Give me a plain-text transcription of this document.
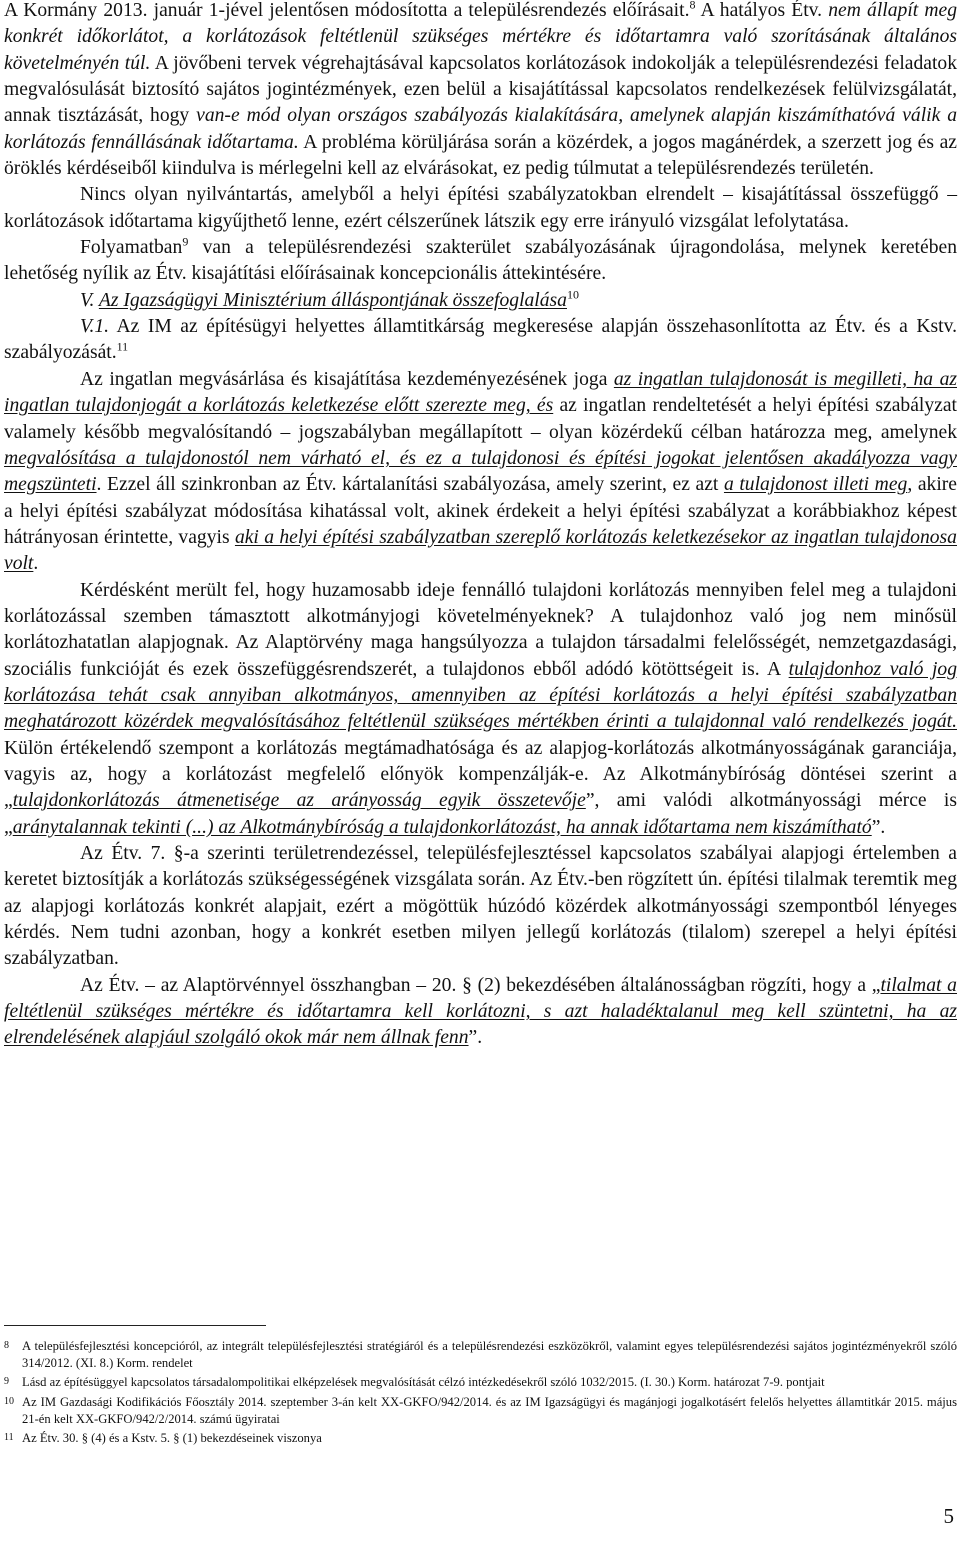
A Kormány 2013. január 1-jével jelentősen módosította a településrendezés előírásait.$^8$ A hatályos Étv. nem állapít meg konkrét időkorlátot, a korlátozások feltétlenül szükséges mértékre és időtartamra való szorításának általános követelményén túl. A jövőbeni tervek végrehajtásával kapcsolatos korlátozások indokolják a településrendezési feladatok megvalósulását biztosító sajátos jogintézmények, ezen belül a kisajátítással kapcsolatos rendelkezések felülvizsgálatát, annak tisztázását, hogy van-e mód olyan országos szabályozás kialakítására, amelynek alapján kiszámíthatóvá válik a korlátozás fennállásának időtartama. A probléma körüljárása során a közérdek, a jogos magánérdek, a szerzett jog és az öröklés kérdéseiből kiindulva is mérlegelni kell az elvárásokat, ez pedig túlmutat a településrendezés területén.

Nincs olyan nyilvántartás, amelyből a helyi építési szabályzatokban elrendelt – kisajátítással összefüggő – korlátozások időtartama kigyűjthető lenne, ezért célszerűnek látszik egy erre irányuló vizsgálat lefolytatása.

Folyamatban$^9$ van a településrendezési szakterület szabályozásának újragondolása, melynek keretében lehetőség nyílik az Étv. kisajátítási előírásainak koncepcionális áttekintésére.

V. Az Igazságügyi Minisztérium álláspontjának összefoglalása$^{10}$

V.1. Az IM az építésügyi helyettes államtitkárság megkeresése alapján összehasonlította az Étv. és a Kstv. szabályozását.$^{11}$

Az ingatlan megvásárlása és kisajátítása kezdeményezésének joga az ingatlan tulajdonosát is megilleti, ha az ingatlan tulajdonjogát a korlátozás keletkezése előtt szerezte meg, és az ingatlan rendeltetését a helyi építési szabályzat valamely később megvalósítandó – jogszabályban megállapított – olyan közérdekű célban határozza meg, amelynek megvalósítása a tulajdonostól nem várható el, és ez a tulajdonosi és építési jogokat jelentősen akadályozza vagy megszünteti. Ezzel áll szinkronban az Étv. kártalanítási szabályozása, amely szerint, ez azt a tulajdonost illeti meg, akire a helyi építési szabályzat módosítása kihatással volt, akinek érdekeit a helyi építési szabályzat a korábbiakhoz képest hátrányosan érintette, vagyis aki a helyi építési szabályzatban szereplő korlátozás keletkezésekor az ingatlan tulajdonosa volt.

Kérdésként merült fel, hogy huzamosabb ideje fennálló tulajdoni korlátozás mennyiben felel meg a tulajdoni korlátozással szemben támasztott alkotmányjogi követelményeknek? A tulajdonhoz való jog nem minősül korlátozhatatlan alapjognak. Az Alaptörvény maga hangsúlyozza a tulajdon társadalmi felelősségét, nemzetgazdasági, szociális funkcióját és ezek összefüggésrendszerét, a tulajdonos ebből adódó kötöttségeit is. A tulajdonhoz való jog korlátozása tehát csak annyiban alkotmányos, amennyiben az építési korlátozás a helyi építési szabályzatban meghatározott közérdek megvalósításához feltétlenül szükséges mértékben érinti a tulajdonnal való rendelkezés jogát. Külön értékelendő szempont a korlátozás megtámadhatósága és az alapjog-korlátozás alkotmányosságának garanciája, vagyis az, hogy a korlátozást megfelelő előnyök kompenzálják-e. Az Alkotmánybíróság döntései szerint a „tulajdonkorlátozás átmenetisége az arányosság egyik összetevője”, ami valódi alkotmányossági mérce is „aránytalannak tekinti (...) az Alkotmánybíróság a tulajdonkorlátozást, ha annak időtartama nem kiszámítható”.

Az Étv. 7. §-a szerinti területrendezéssel, településfejlesztéssel kapcsolatos szabályai alapjogi értelemben a keretet biztosítják a korlátozás szükségességének vizsgálata során. Az Étv.-ben rögzített ún. építési tilalmak teremtik meg az alapjogi korlátozás konkrét alapjait, ezért a mögöttük húzódó közérdek alkotmányossági szempontból lényeges kérdés. Nem tudni azonban, hogy a konkrét esetben milyen jellegű korlátozás (tilalom) szerepel a helyi építési szabályzatban.

Az Étv. – az Alaptörvénnyel összhangban – 20. § (2) bekezdésében általánosságban rögzíti, hogy a „tilalmat a feltétlenül szükséges mértékre és időtartamra kell korlátozni, s azt haladéktalanul meg kell szüntetni, ha az elrendelésének alapjául szolgáló okok már nem állnak fenn”.

8 A településfejlesztési koncepcióról, az integrált településfejlesztési stratégiáról és a településrendezési eszközökről, valamint egyes településrendezési sajátos jogintézményekről szóló 314/2012. (XI. 8.) Korm. rendelet

9 Lásd az építésüggyel kapcsolatos társadalompolitikai elképzelések megvalósítását célzó intézkedésekről szóló 1032/2015. (I. 30.) Korm. határozat 7-9. pontjait

10 Az IM Gazdasági Kodifikációs Főosztály 2014. szeptember 3-án kelt XX-GKFO/942/2014. és az IM Igazságügyi és magánjogi jogalkotásért felelős helyettes államtitkár 2015. május 21-én kelt XX-GKFO/942/2/2014. számú ügyiratai

11 Az Étv. 30. § (4) és a Kstv. 5. § (1) bekezdéseinek viszonya

5
